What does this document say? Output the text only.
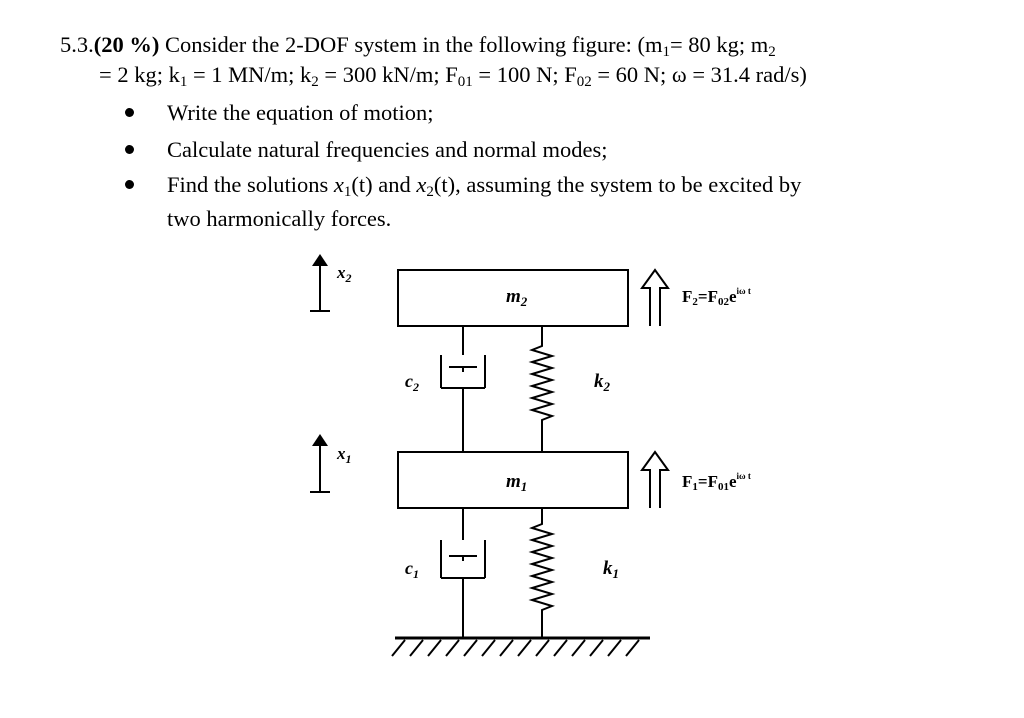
5.3.(20 %) Consider the 2-DOF system in the following figure: ($m_1= 80$ kg; $m_2$
= 2 kg; $k_1 = 1$ MN/m; $k_2 = 300$ kN/m; $F_{01} = 100$ N; $F_{02} = 60$ N; ω = 31.4 rad/s)
Write the equation of motion;
Calculate natural frequencies and normal modes;
Find the solutions $x_1(t)$ and $x_2(t)$, assuming the system to be excited by
two harmonically forces.
$x_2$
$x_1$
$m_2$
$m_1$
$c_2$
$c_1$
$k_2$
$k_1$
$F2=F02e^{i\omega t}$
$F1=F01e^{i\omega t}$
